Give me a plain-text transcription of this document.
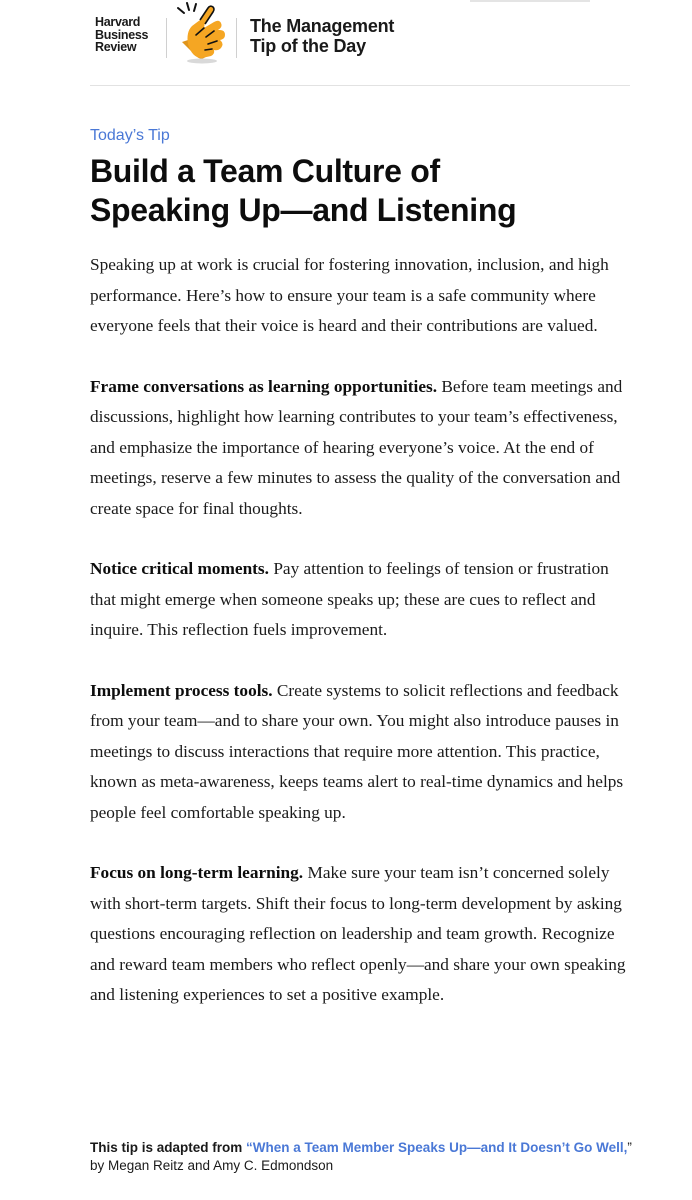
Harvard
Business
Review
The Management
Tip of the Day
Today’s Tip
Build a Team Culture of
Speaking Up—and Listening

Speaking up at work is crucial for fostering innovation, inclusion, and high performance. Here’s how to ensure your team is a safe community where everyone feels that their voice is heard and their contributions are valued.

Frame conversations as learning opportunities. Before team meetings and discussions, highlight how learning contributes to your team’s effectiveness, and emphasize the importance of hearing everyone’s voice. At the end of meetings, reserve a few minutes to assess the quality of the conversation and create space for final thoughts.

Notice critical moments. Pay attention to feelings of tension or frustration that might emerge when someone speaks up; these are cues to reflect and inquire. This reflection fuels improvement.

Implement process tools. Create systems to solicit reflections and feedback from your team—and to share your own. You might also introduce pauses in meetings to discuss interactions that require more attention. This practice, known as meta-awareness, keeps teams alert to real-time dynamics and helps people feel comfortable speaking up.

Focus on long-term learning. Make sure your team isn’t concerned solely with short-term targets. Shift their focus to long-term development by asking questions encouraging reflection on leadership and team growth. Recognize and reward team members who reflect openly—and share your own speaking and listening experiences to set a positive example.

This tip is adapted from “When a Team Member Speaks Up—and It Doesn’t Go Well,” by Megan Reitz and Amy C. Edmondson
